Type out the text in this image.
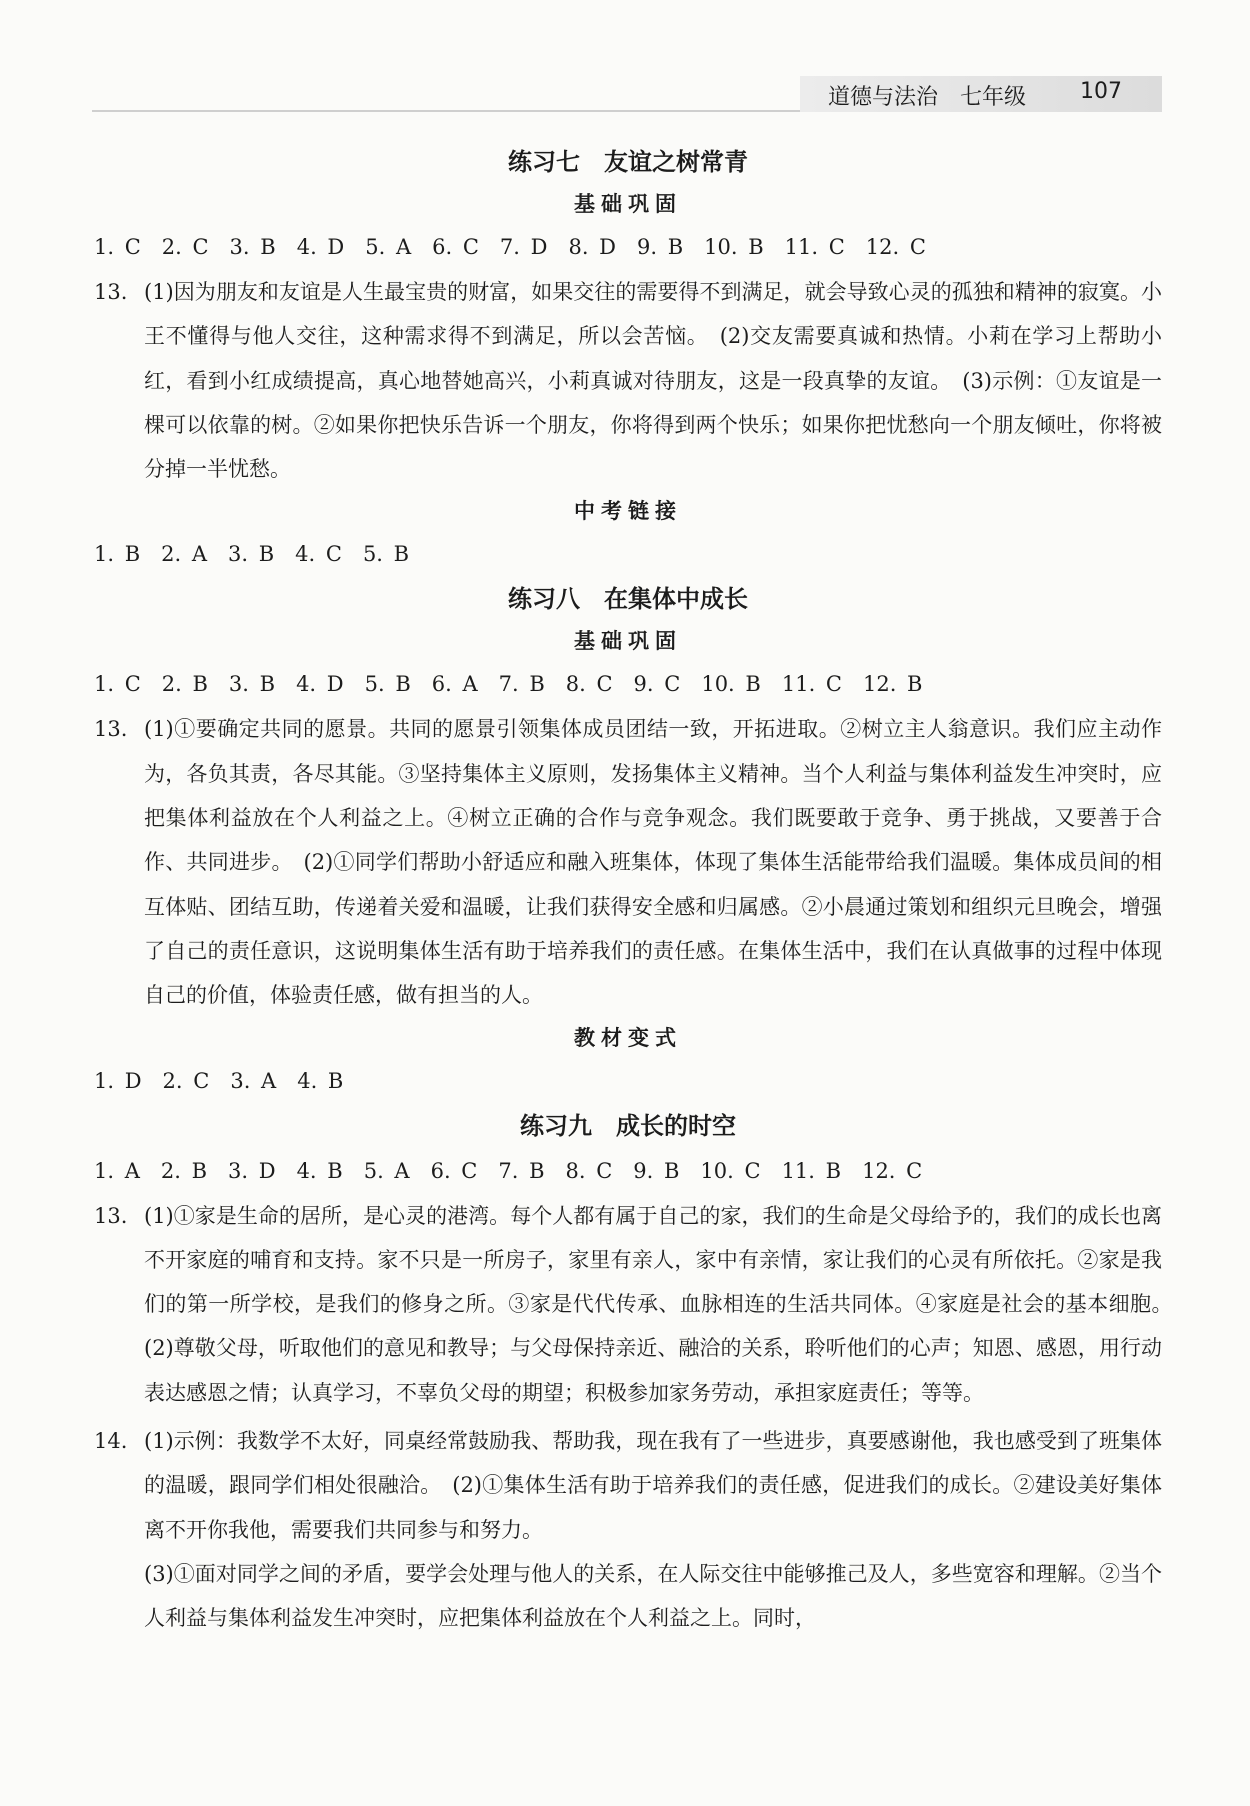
道德与法治　七年级 107
练习七　友谊之树常青
基础巩固
1. C　2. C　3. B　4. D　5. A　6. C　7. D　8. D　9. B　10. B　11. C　12. C
13. (1)因为朋友和友谊是人生最宝贵的财富，如果交往的需要得不到满足，就会导致心灵的孤独和精神的寂寞。小王不懂得与他人交往，这种需求得不到满足，所以会苦恼。　(2)交友需要真诚和热情。小莉在学习上帮助小红，看到小红成绩提高，真心地替她高兴，小莉真诚对待朋友，这是一段真挚的友谊。　(3)示例：①友谊是一棵可以依靠的树。②如果你把快乐告诉一个朋友，你将得到两个快乐；如果你把忧愁向一个朋友倾吐，你将被分掉一半忧愁。
中考链接
1. B　2. A　3. B　4. C　5. B
练习八　在集体中成长
基础巩固
1. C　2. B　3. B　4. D　5. B　6. A　7. B　8. C　9. C　10. B　11. C　12. B
13. (1)①要确定共同的愿景。共同的愿景引领集体成员团结一致，开拓进取。②树立主人翁意识。我们应主动作为，各负其责，各尽其能。③坚持集体主义原则，发扬集体主义精神。当个人利益与集体利益发生冲突时，应把集体利益放在个人利益之上。④树立正确的合作与竞争观念。我们既要敢于竞争、勇于挑战，又要善于合作、共同进步。　(2)①同学们帮助小舒适应和融入班集体，体现了集体生活能带给我们温暖。集体成员间的相互体贴、团结互助，传递着关爱和温暖，让我们获得安全感和归属感。②小晨通过策划和组织元旦晚会，增强了自己的责任意识，这说明集体生活有助于培养我们的责任感。在集体生活中，我们在认真做事的过程中体现自己的价值，体验责任感，做有担当的人。
教材变式
1. D　2. C　3. A　4. B
练习九　成长的时空
1. A　2. B　3. D　4. B　5. A　6. C　7. B　8. C　9. B　10. C　11. B　12. C
13. (1)①家是生命的居所，是心灵的港湾。每个人都有属于自己的家，我们的生命是父母给予的，我们的成长也离不开家庭的哺育和支持。家不只是一所房子，家里有亲人，家中有亲情，家让我们的心灵有所依托。②家是我们的第一所学校，是我们的修身之所。③家是代代传承、血脉相连的生活共同体。④家庭是社会的基本细胞。　(2)尊敬父母，听取他们的意见和教导；与父母保持亲近、融洽的关系，聆听他们的心声；知恩、感恩，用行动表达感恩之情；认真学习，不辜负父母的期望；积极参加家务劳动，承担家庭责任；等等。
14. (1)示例：我数学不太好，同桌经常鼓励我、帮助我，现在我有了一些进步，真要感谢他，我也感受到了班集体的温暖，跟同学们相处很融洽。　(2)①集体生活有助于培养我们的责任感，促进我们的成长。②建设美好集体离不开你我他，需要我们共同参与和努力。
(3)①面对同学之间的矛盾，要学会处理与他人的关系，在人际交往中能够推己及人，多些宽容和理解。②当个人利益与集体利益发生冲突时，应把集体利益放在个人利益之上。同时，
